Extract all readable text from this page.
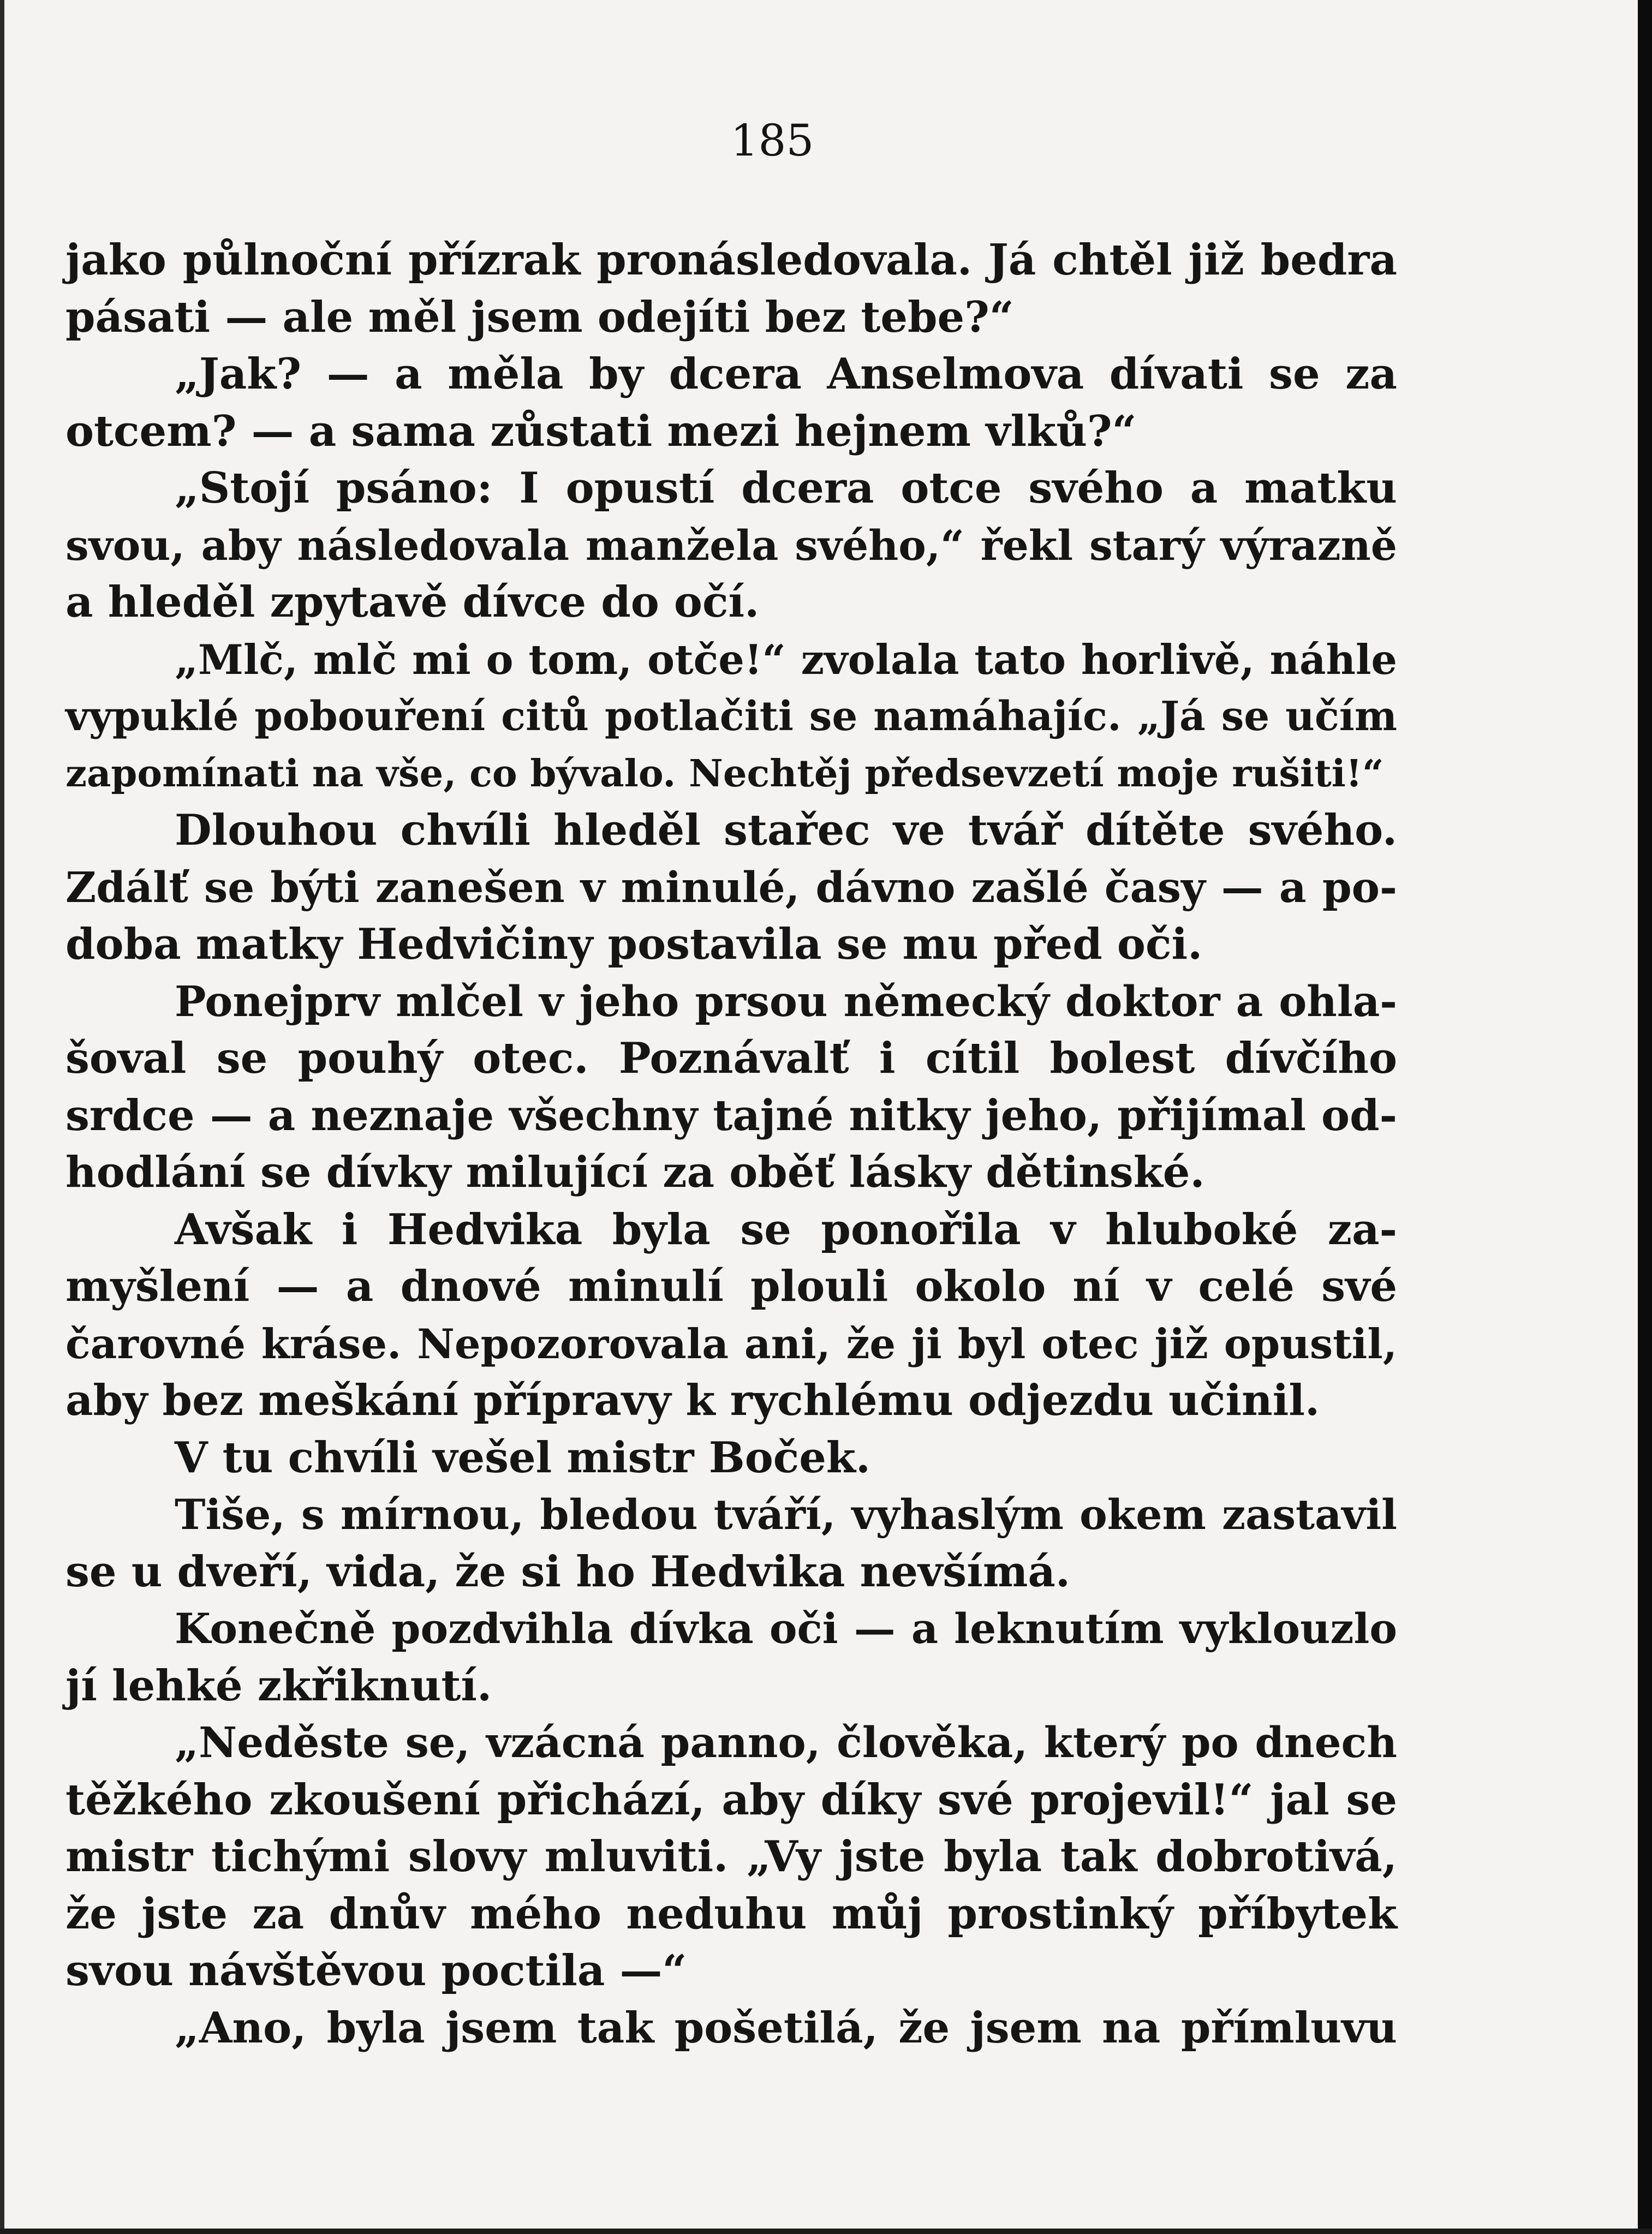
185
jako půlnoční přízrak pronásledovala. Já chtěl již bedra
pásati — ale měl jsem odejíti bez tebe?“
„Jak? — a měla by dcera Anselmova dívati se za
otcem? — a sama zůstati mezi hejnem vlků?“
„Stojí psáno: I opustí dcera otce svého a matku
svou, aby následovala manžela svého,“ řekl starý výrazně
a hleděl zpytavě dívce do očí.
„Mlč, mlč mi o tom, otče!“ zvolala tato horlivě, náhle
vypuklé pobouření citů potlačiti se namáhajíc. „Já se učím
zapomínati na vše, co bývalo. Nechtěj předsevzetí moje rušiti!“
Dlouhou chvíli hleděl stařec ve tvář dítěte svého.
Zdálť se býti zanešen v minulé, dávno zašlé časy — a po-
doba matky Hedvičiny postavila se mu před oči.
Ponejprv mlčel v jeho prsou německý doktor a ohla-
šoval se pouhý otec. Poznávalť i cítil bolest dívčího
srdce — a neznaje všechny tajné nitky jeho, přijímal od-
hodlání se dívky milující za oběť lásky dětinské.
Avšak i Hedvika byla se ponořila v hluboké za-
myšlení — a dnové minulí plouli okolo ní v celé své
čarovné kráse. Nepozorovala ani, že ji byl otec již opustil,
aby bez meškání přípravy k rychlému odjezdu učinil.
V tu chvíli vešel mistr Boček.
Tiše, s mírnou, bledou tváří, vyhaslým okem zastavil
se u dveří, vida, že si ho Hedvika nevšímá.
Konečně pozdvihla dívka oči — a leknutím vyklouzlo
jí lehké zkřiknutí.
„Neděste se, vzácná panno, člověka, který po dnech
těžkého zkoušení přichází, aby díky své projevil!“ jal se
mistr tichými slovy mluviti. „Vy jste byla tak dobrotivá,
že jste za dnův mého neduhu můj prostinký příbytek
svou návštěvou poctila —“
„Ano, byla jsem tak pošetilá, že jsem na přímluvu
